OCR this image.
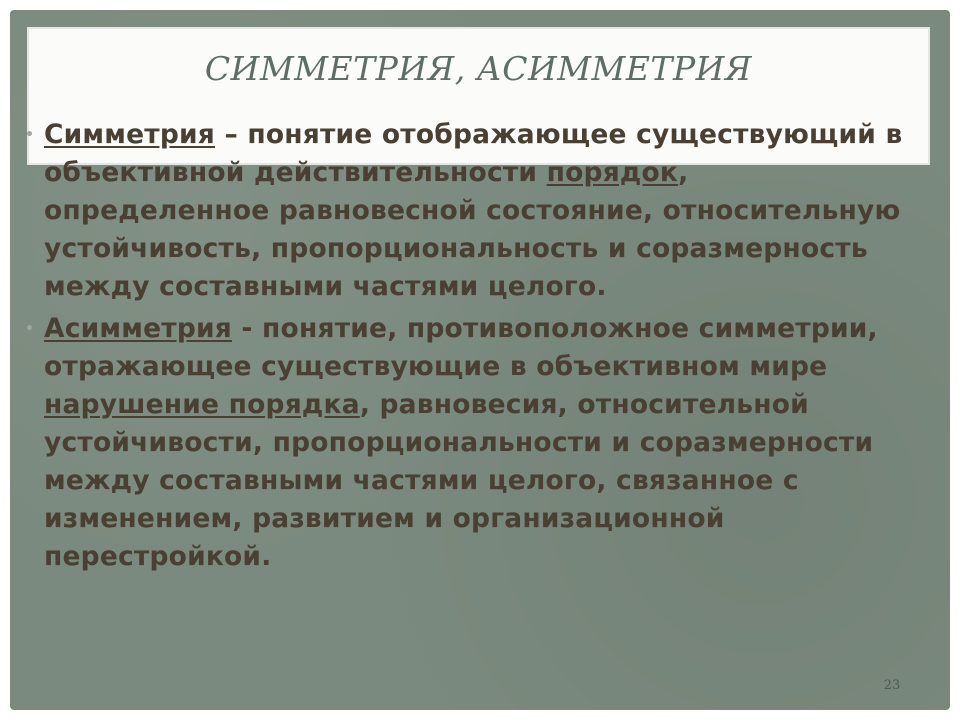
СИММЕТРИЯ, АСИММЕТРИЯ

• Симметрия – понятие отображающее существующий в объективной действительности порядок, определенное равновесной состояние, относительную устойчивость, пропорциональность и соразмерность между составными частями целого.

• Асимметрия - понятие, противоположное симметрии, отражающее существующие в объективном мире нарушение порядка, равновесия, относительной устойчивости, пропорциональности и соразмерности между составными частями целого, связанное с изменением, развитием и организационной перестройкой.

23
